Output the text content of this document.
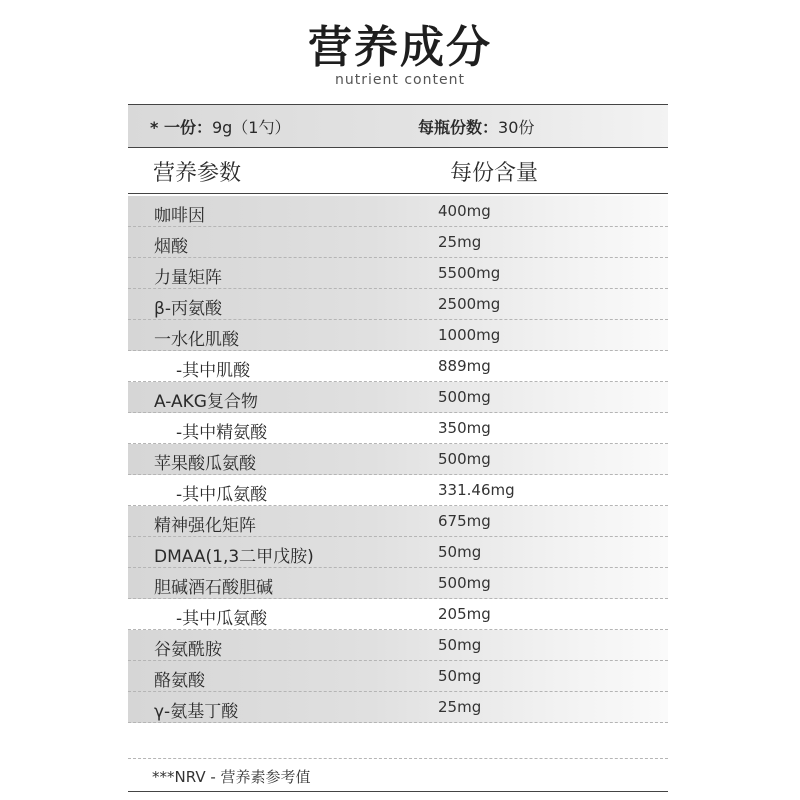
营养成分
nutrient content
* 一份：9g（1勺）	每瓶份数：30份
营养参数	每份含量
咖啡因	400mg
烟酸	25mg
力量矩阵	5500mg
β-丙氨酸	2500mg
一水化肌酸	1000mg
-其中肌酸	889mg
A-AKG复合物	500mg
-其中精氨酸	350mg
苹果酸瓜氨酸	500mg
-其中瓜氨酸	331.46mg
精神强化矩阵	675mg
DMAA(1,3二甲戊胺)	50mg
胆碱酒石酸胆碱	500mg
-其中瓜氨酸	205mg
谷氨酰胺	50mg
酪氨酸	50mg
γ-氨基丁酸	25mg
***NRV - 营养素参考值
